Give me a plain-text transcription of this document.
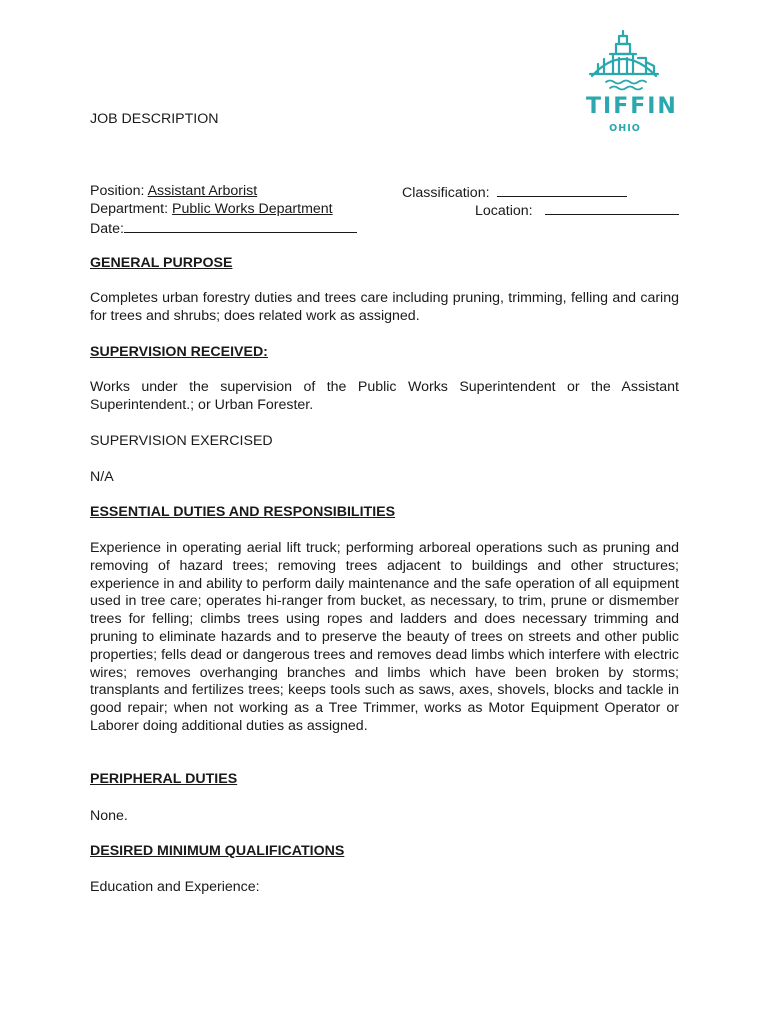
TIFFIN
OHIO
JOB DESCRIPTION
Position: Assistant Arborist
Department: Public Works Department
Date:
Classification:
Location:
GENERAL PURPOSE

Completes urban forestry duties and trees care including pruning, trimming, felling and caring for trees and shrubs; does related work as assigned.

SUPERVISION RECEIVED:

Works under the supervision of the Public Works Superintendent or the Assistant Superintendent.; or Urban Forester.

SUPERVISION EXERCISED
N/A
ESSENTIAL DUTIES AND RESPONSIBILITIES

Experience in operating aerial lift truck; performing arboreal operations such as pruning and removing of hazard trees; removing trees adjacent to buildings and other structures; experience in and ability to perform daily maintenance and the safe operation of all equipment used in tree care; operates hi-ranger from bucket, as necessary, to trim, prune or dismember trees for felling; climbs trees using ropes and ladders and does necessary trimming and pruning to eliminate hazards and to preserve the beauty of trees on streets and other public properties; fells dead or dangerous trees and removes dead limbs which interfere with electric wires; removes overhanging branches and limbs which have been broken by storms; transplants and fertilizes trees; keeps tools such as saws, axes, shovels, blocks and tackle in good repair; when not working as a Tree Trimmer, works as Motor Equipment Operator or Laborer doing additional duties as assigned.

PERIPHERAL DUTIES
None.
DESIRED MINIMUM QUALIFICATIONS
Education and Experience:
